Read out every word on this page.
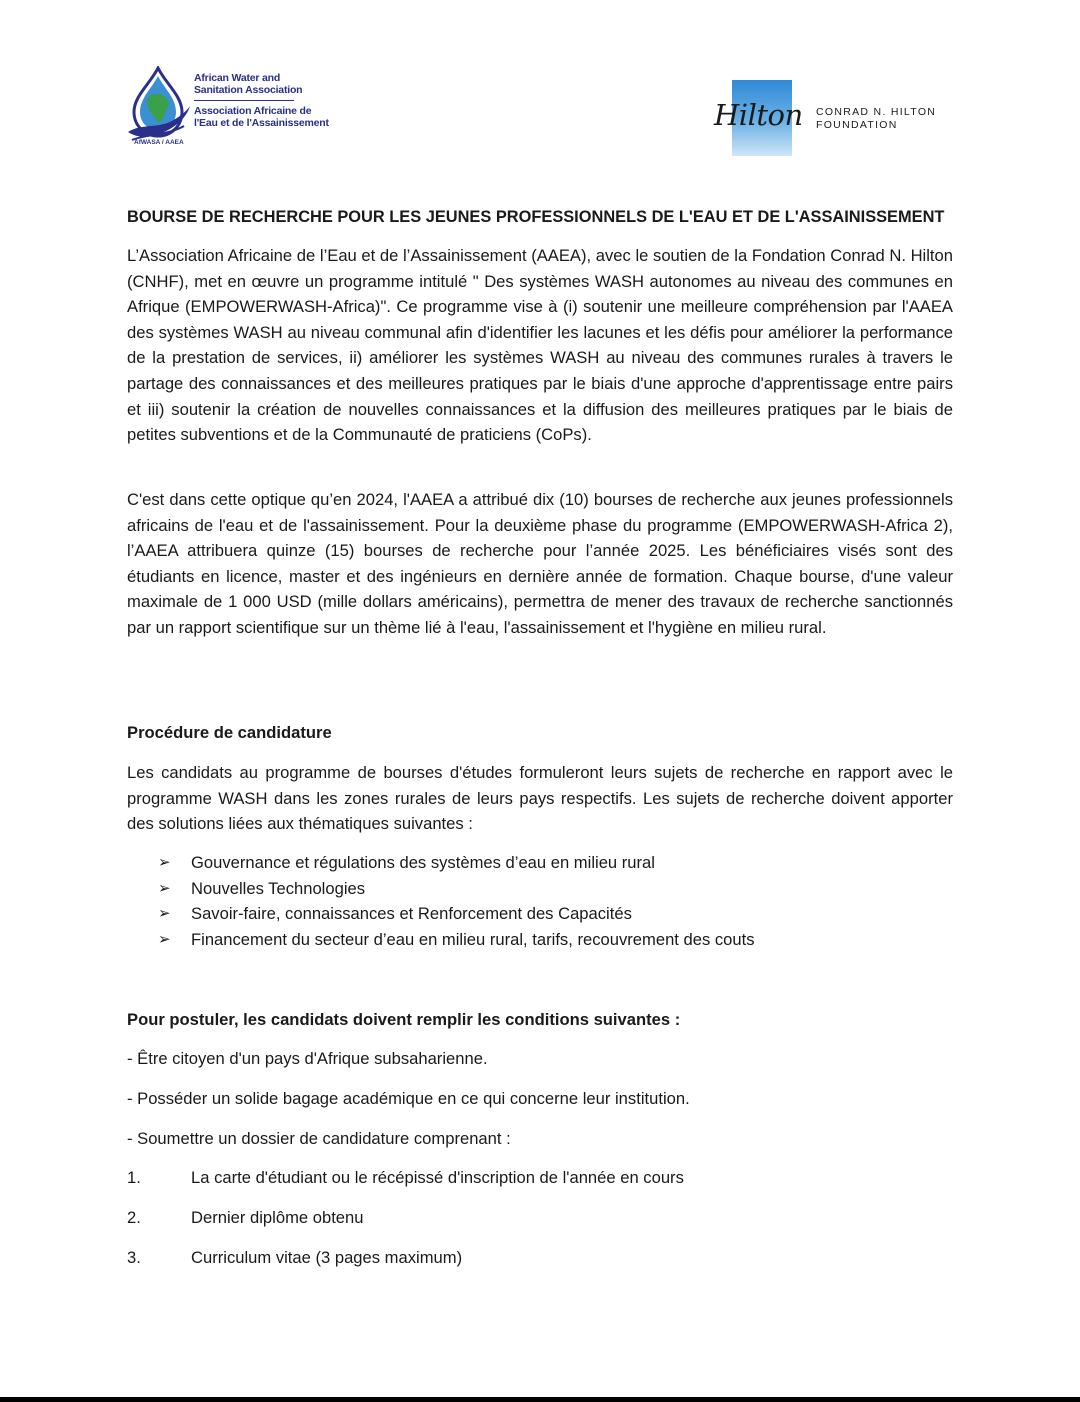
African Water and
Sanitation Association
Association Africaine de
l'Eau et de l'Assainissement
AfWASA / AAEA
Hilton CONRAD N. HILTON
FOUNDATION
BOURSE DE RECHERCHE POUR LES JEUNES PROFESSIONNELS DE L'EAU ET DE L'ASSAINISSEMENT

L’Association Africaine de l’Eau et de l’Assainissement (AAEA), avec le soutien de la Fondation Conrad N. Hilton (CNHF), met en œuvre un programme intitulé " Des systèmes WASH autonomes au niveau des communes en Afrique (EMPOWERWASH-Africa)". Ce programme vise à (i) soutenir une meilleure compréhension par l'AAEA des systèmes WASH au niveau communal afin d'identifier les lacunes et les défis pour améliorer la performance de la prestation de services, ii) améliorer les systèmes WASH au niveau des communes rurales à travers le partage des connaissances et des meilleures pratiques par le biais d'une approche d'apprentissage entre pairs et iii) soutenir la création de nouvelles connaissances et la diffusion des meilleures pratiques par le biais de petites subventions et de la Communauté de praticiens (CoPs).

C'est dans cette optique qu’en 2024, l'AAEA a attribué dix (10) bourses de recherche aux jeunes professionnels africains de l'eau et de l'assainissement. Pour la deuxième phase du programme (EMPOWERWASH-Africa 2), l’AAEA attribuera quinze (15) bourses de recherche pour l’année 2025. Les bénéficiaires visés sont des étudiants en licence, master et des ingénieurs en dernière année de formation. Chaque bourse, d'une valeur maximale de 1 000 USD (mille dollars américains), permettra de mener des travaux de recherche sanctionnés par un rapport scientifique sur un thème lié à l'eau, l'assainissement et l'hygiène en milieu rural.

Procédure de candidature

Les candidats au programme de bourses d'études formuleront leurs sujets de recherche en rapport avec le programme WASH dans les zones rurales de leurs pays respectifs. Les sujets de recherche doivent apporter des solutions liées aux thématiques suivantes :

➢	Gouvernance et régulations des systèmes d’eau en milieu rural
➢	Nouvelles Technologies
➢	Savoir-faire, connaissances et Renforcement des Capacités
➢	Financement du secteur d’eau en milieu rural, tarifs, recouvrement des couts
Pour postuler, les candidats doivent remplir les conditions suivantes :

- Être citoyen d'un pays d'Afrique subsaharienne.

- Posséder un solide bagage académique en ce qui concerne leur institution.

- Soumettre un dossier de candidature comprenant :

1.	La carte d'étudiant ou le récépissé d'inscription de l'année en cours
2.	Dernier diplôme obtenu
3.	Curriculum vitae (3 pages maximum)
